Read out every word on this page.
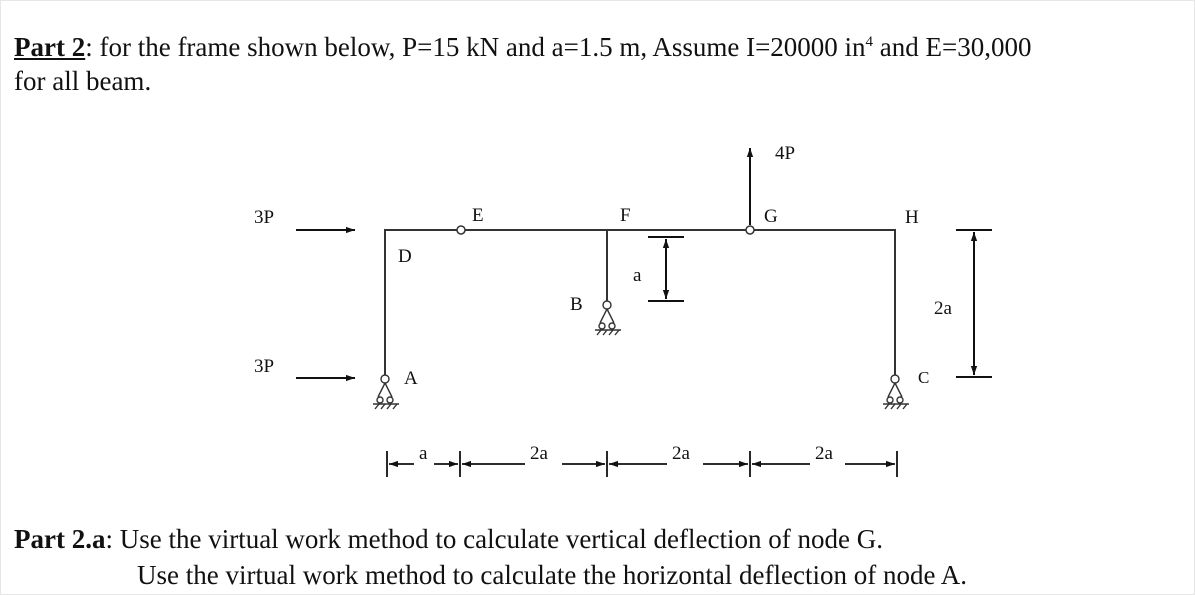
Part 2: for the frame shown below, P=15 kN and a=1.5 m, Assume I=20000 $in^4$ and E=30,000
for all beam.
3P
3P
4P
D
E	F	G	H
B
A	C
a
2a
a	2a	2a	2a
Part 2.a: Use the virtual work method to calculate vertical deflection of node G.
Use the virtual work method to calculate the horizontal deflection of node A.
